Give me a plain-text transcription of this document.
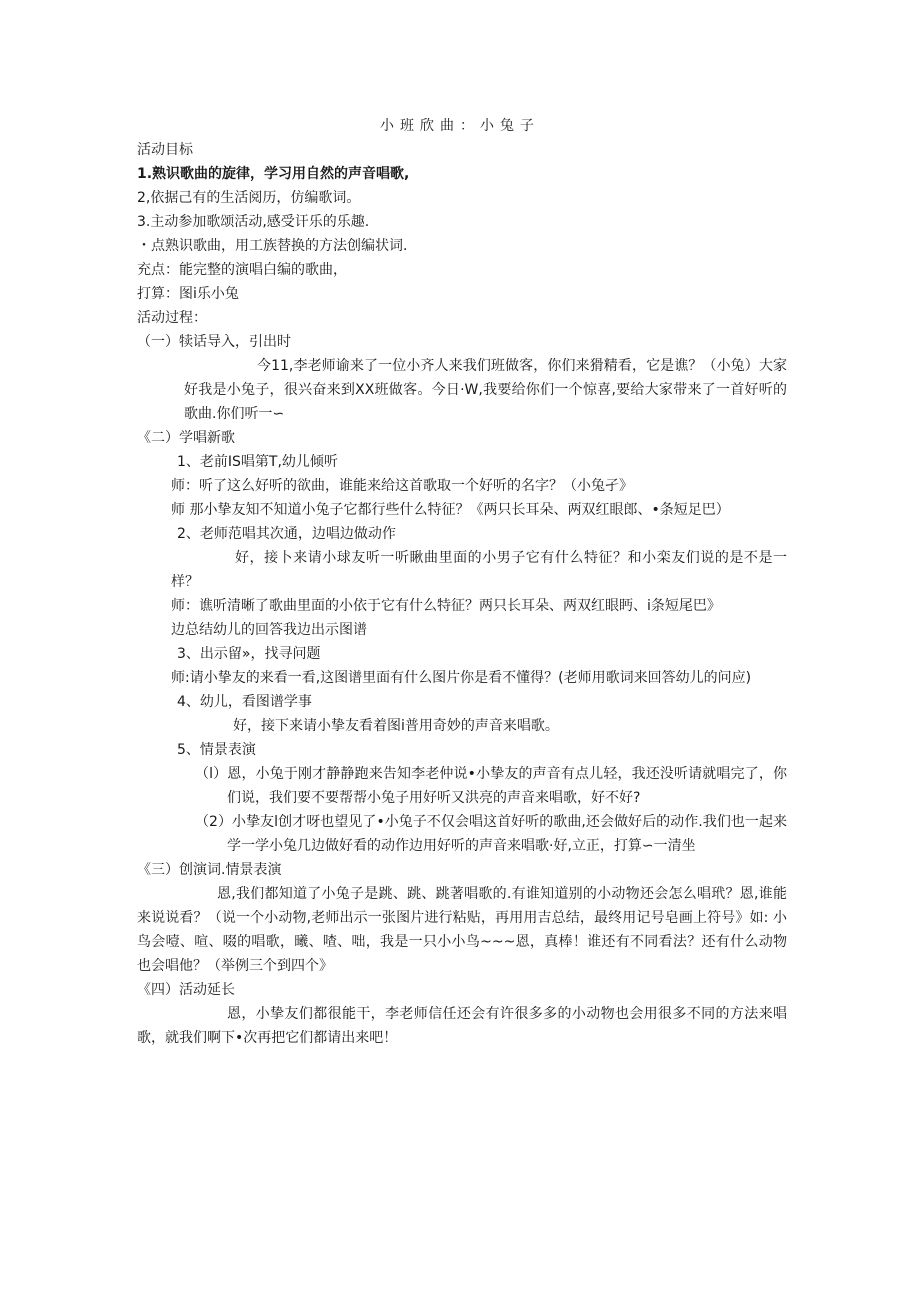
小班欣曲：小兔子
活动目标
1.熟识歌曲的旋律，学习用自然的声音唱歌,
2,依据己有的生活阅历，仿编歌词。
3.主动参加歌颂活动,感受讦乐的乐趣.
・点熟识歌曲，用工族替换的方法创编状词.
充点：能完整的演唱白编的歌曲，
打算：图i乐小兔
活动过程：
（一）犊话导入，引出时
今11,李老师谕来了一位小齐人来我们班做客，你们来猾精看，它是谯？（小兔）大家好我是小兔子，很兴奋来到XX班做客。今日·W,我要给你们一个惊喜,要给大家带来了一首好听的歌曲.你们听一∽
《二）学唱新歌
1、老前IS唱第T,幼儿倾听
师：听了这么好听的欲曲，谁能来给这首歌取一个好听的名字？（小兔孑》
师 那小挚友知不知道小兔子它都行些什么特征？《两只长耳朵、两双红眼郎、•条短足巴）
2、老师范唱其次通，边唱边做动作
好，接卜来请小球友听一听瞅曲里面的小男子它有什么特征？和小栾友们说的是不是一样？
师：谯听清晰了歌曲里面的小依于它有什么特征？两只长耳朵、两双红眼眄、i条短尾巴》
边总结幼儿的回答我边出示图谱
3、出示留»，找寻问题
师:请小挚友的来看一看,这图谱里面有什么图片你是看不懂得？(老师用歌词来回答幼儿的问应)
4、幼儿，看图谱学事
好，接下来请小挚友看着图i普用奇妙的声音来唱歌。
5、情景表演
（l）恩，小兔于刚才静静跑来告知李老仲说•小挚友的声音有点儿轻，我还没听请就唱完了，你们说，我们要不要帮帮小兔子用好听又洪亮的声音来唱歌，好不好?
（2）小挚友l创才呀也望见了•小兔子不仅会唱这首好听的歌曲,还会做好后的动作.我们也一起来学一学小兔几边做好看的动作边用好听的声音来唱歌·好,立正，打算∽一清坐
《三）创演词.情景表演
恩,我们都知道了小兔子是跳、跳、跳著唱歌的.有谁知道别的小动物还会怎么唱玳？恩,谁能来说说看？（说一个小动物,老师出示一张图片进行粘贴，再用用吉总结，最终用记号皂画上符号》如: 小鸟会噎、喧、啜的唱歌，曦、喳、咄，我是一只小小鸟~~~恩，真棒！谁还有不同看法？还有什么动物也会唱他？（举例三个到四个》
《四）活动延长
恩，小挚友们都很能干，李老师信任还会有许很多多的小动物也会用很多不同的方法来唱歌，就我们啊下•次再把它们都请出来吧！
